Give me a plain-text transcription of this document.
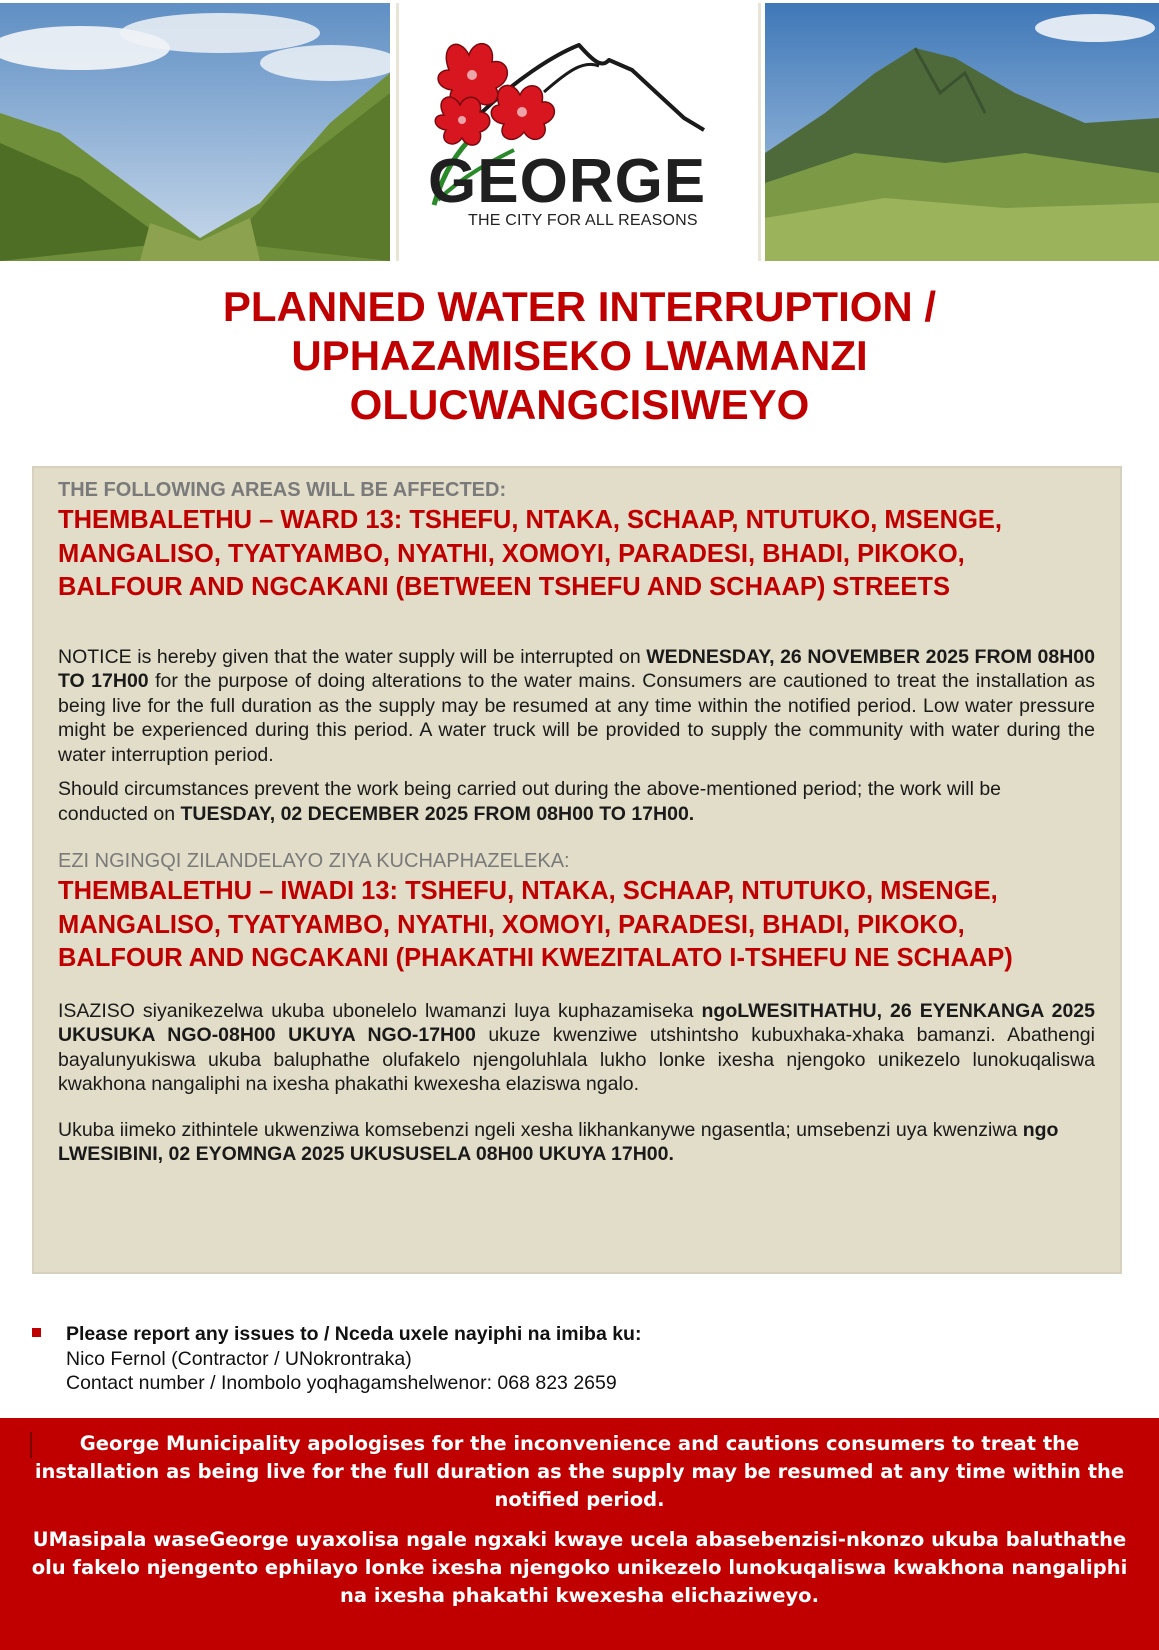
GEORGE
THE CITY FOR ALL REASONS
PLANNED WATER INTERRUPTION /
UPHAZAMISEKO LWAMANZI
OLUCWANGCISIWEYO

THE FOLLOWING AREAS WILL BE AFFECTED:

THEMBALETHU – WARD 13: TSHEFU, NTAKA, SCHAAP, NTUTUKO, MSENGE, MANGALISO, TYATYAMBO, NYATHI, XOMOYI, PARADESI, BHADI, PIKOKO, BALFOUR AND NGCAKANI (BETWEEN TSHEFU AND SCHAAP) STREETS

NOTICE is hereby given that the water supply will be interrupted on WEDNESDAY, 26 NOVEMBER 2025 FROM 08H00 TO 17H00 for the purpose of doing alterations to the water mains. Consumers are cautioned to treat the installation as being live for the full duration as the supply may be resumed at any time within the notified period. Low water pressure might be experienced during this period. A water truck will be provided to supply the community with water during the water interruption period.

Should circumstances prevent the work being carried out during the above-mentioned period; the work will be conducted on TUESDAY, 02 DECEMBER 2025 FROM 08H00 TO 17H00.

EZI NGINGQI ZILANDELAYO ZIYA KUCHAPHAZELEKA:

THEMBALETHU – IWADI 13: TSHEFU, NTAKA, SCHAAP, NTUTUKO, MSENGE, MANGALISO, TYATYAMBO, NYATHI, XOMOYI, PARADESI, BHADI, PIKOKO, BALFOUR AND NGCAKANI (PHAKATHI KWEZITALATO I-TSHEFU NE SCHAAP)

ISAZISO siyanikezelwa ukuba ubonelelo lwamanzi luya kuphazamiseka ngoLWESITHATHU, 26 EYENKANGA 2025 UKUSUKA NGO-08H00 UKUYA NGO-17H00 ukuze kwenziwe utshintsho kubuxhaka-xhaka bamanzi. Abathengi bayalunyukiswa ukuba baluphathe olufakelo njengoluhlala lukho lonke ixesha njengoko unikezelo lunokuqaliswa kwakhona nangaliphi na ixesha phakathi kwexesha elaziswa ngalo.

Ukuba iimeko zithintele ukwenziwa komsebenzi ngeli xesha likhankanywe ngasentla; umsebenzi uya kwenziwa ngo LWESIBINI, 02 EYOMNGA 2025 UKUSUSELA 08H00 UKUYA 17H00.

Please report any issues to / Nceda uxele nayiphi na imiba ku:
Nico Fernol (Contractor / UNokrontraka)
Contact number / Inombolo yoqhagamshelwenor: 068 823 2659

George Municipality apologises for the inconvenience and cautions consumers to treat the installation as being live for the full duration as the supply may be resumed at any time within the notified period.

UMasipala waseGeorge uyaxolisa ngale ngxaki kwaye ucela abasebenzisi-nkonzo ukuba baluthathe olu fakelo njengento ephilayo lonke ixesha njengoko unikezelo lunokuqaliswa kwakhona nangaliphi na ixesha phakathi kwexesha elichaziweyo.
